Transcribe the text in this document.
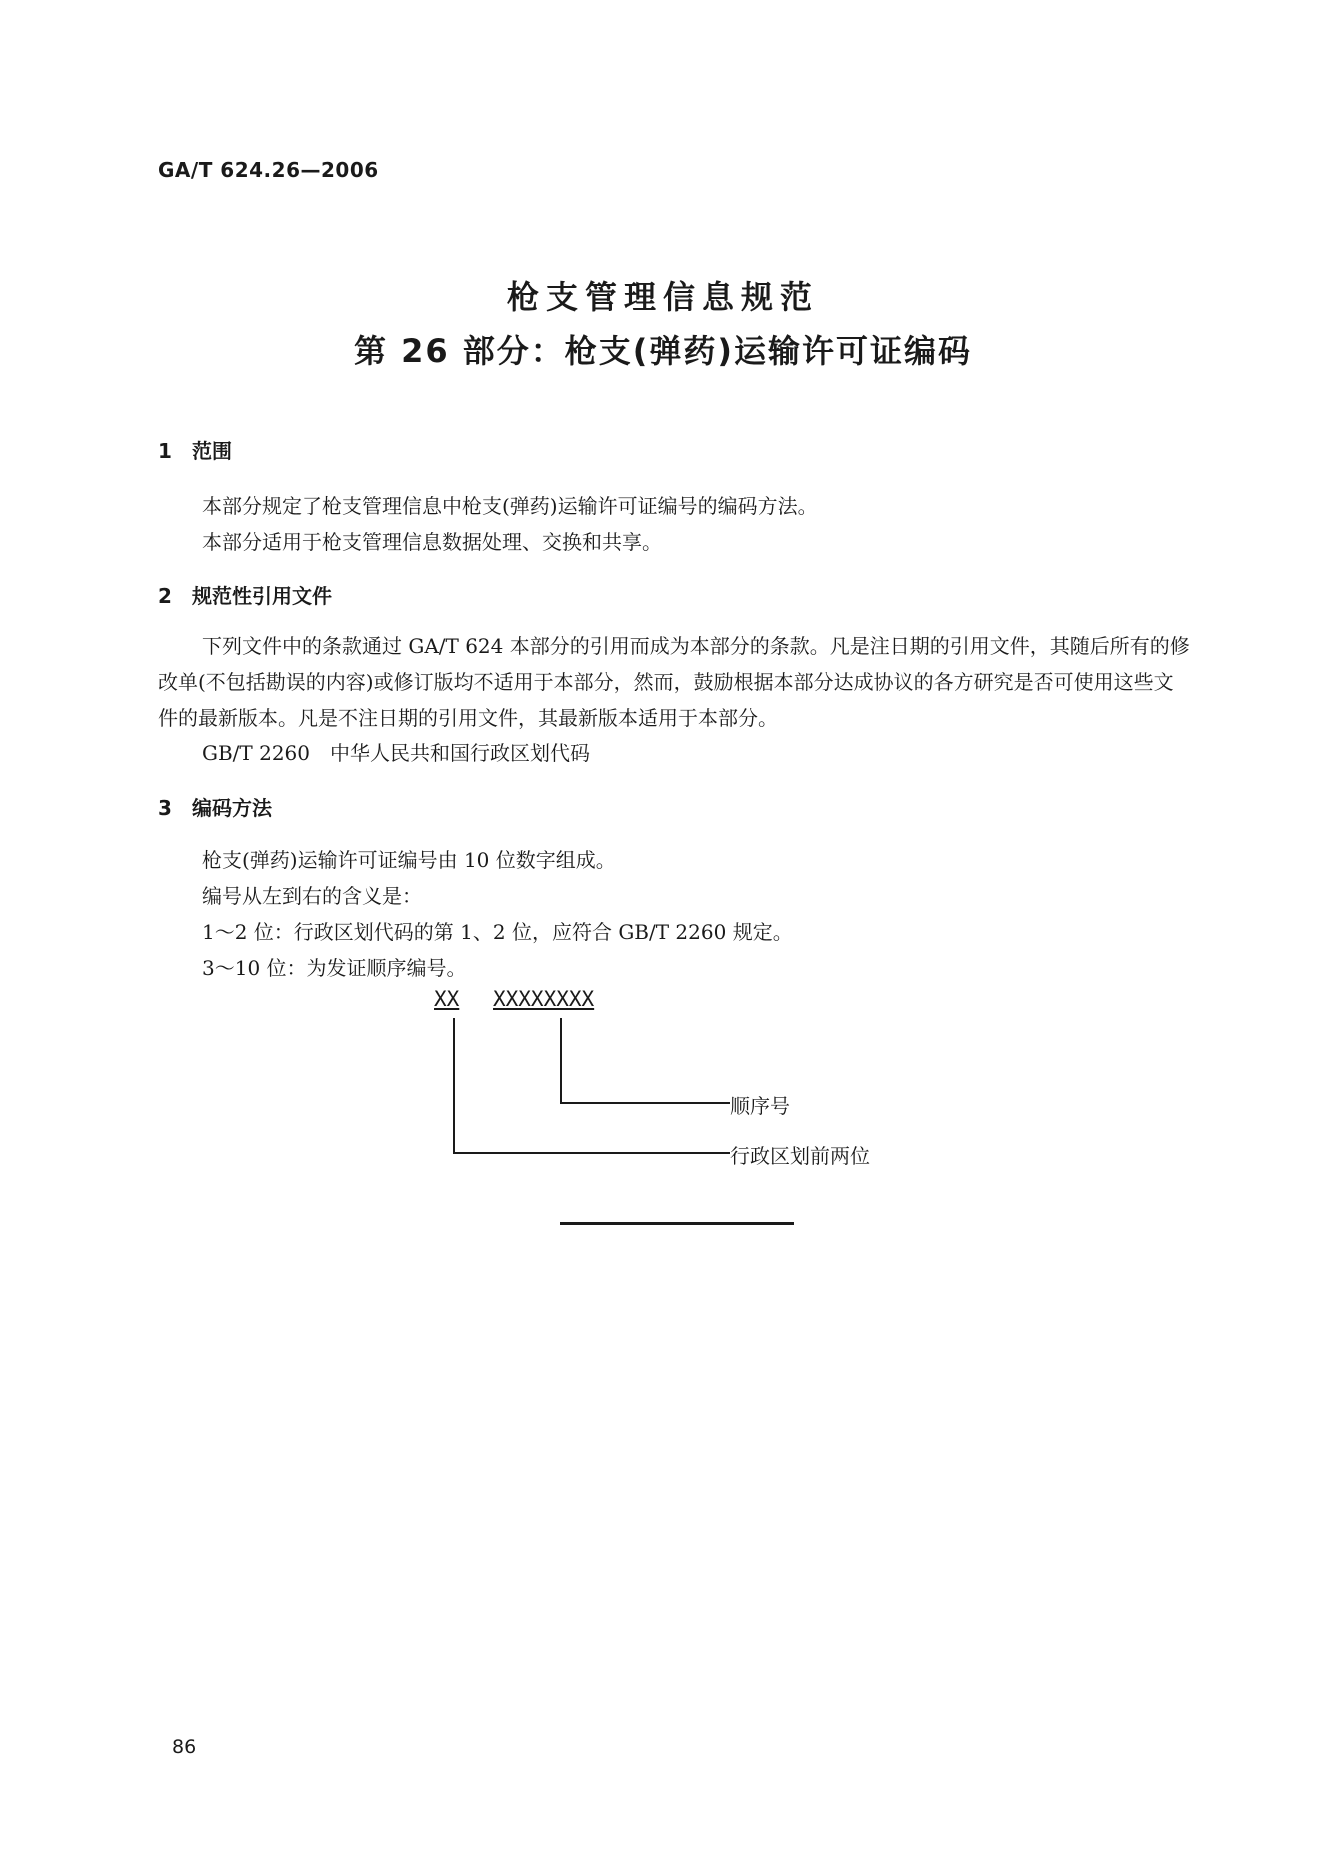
GA/T 624.26—2006
枪支管理信息规范
第 26 部分：枪支(弹药)运输许可证编码
1 范围
本部分规定了枪支管理信息中枪支(弹药)运输许可证编号的编码方法。
本部分适用于枪支管理信息数据处理、交换和共享。
2 规范性引用文件
下列文件中的条款通过 GA/T 624 本部分的引用而成为本部分的条款。凡是注日期的引用文件，其随后所有的修改单(不包括勘误的内容)或修订版均不适用于本部分，然而，鼓励根据本部分达成协议的各方研究是否可使用这些文件的最新版本。凡是不注日期的引用文件，其最新版本适用于本部分。
GB/T 2260　中华人民共和国行政区划代码
3 编码方法
枪支(弹药)运输许可证编号由 10 位数字组成。
编号从左到右的含义是：
1～2 位：行政区划代码的第 1、2 位，应符合 GB/T 2260 规定。
3～10 位：为发证顺序编号。
XX XXXXXXXX
顺序号
行政区划前两位
86
